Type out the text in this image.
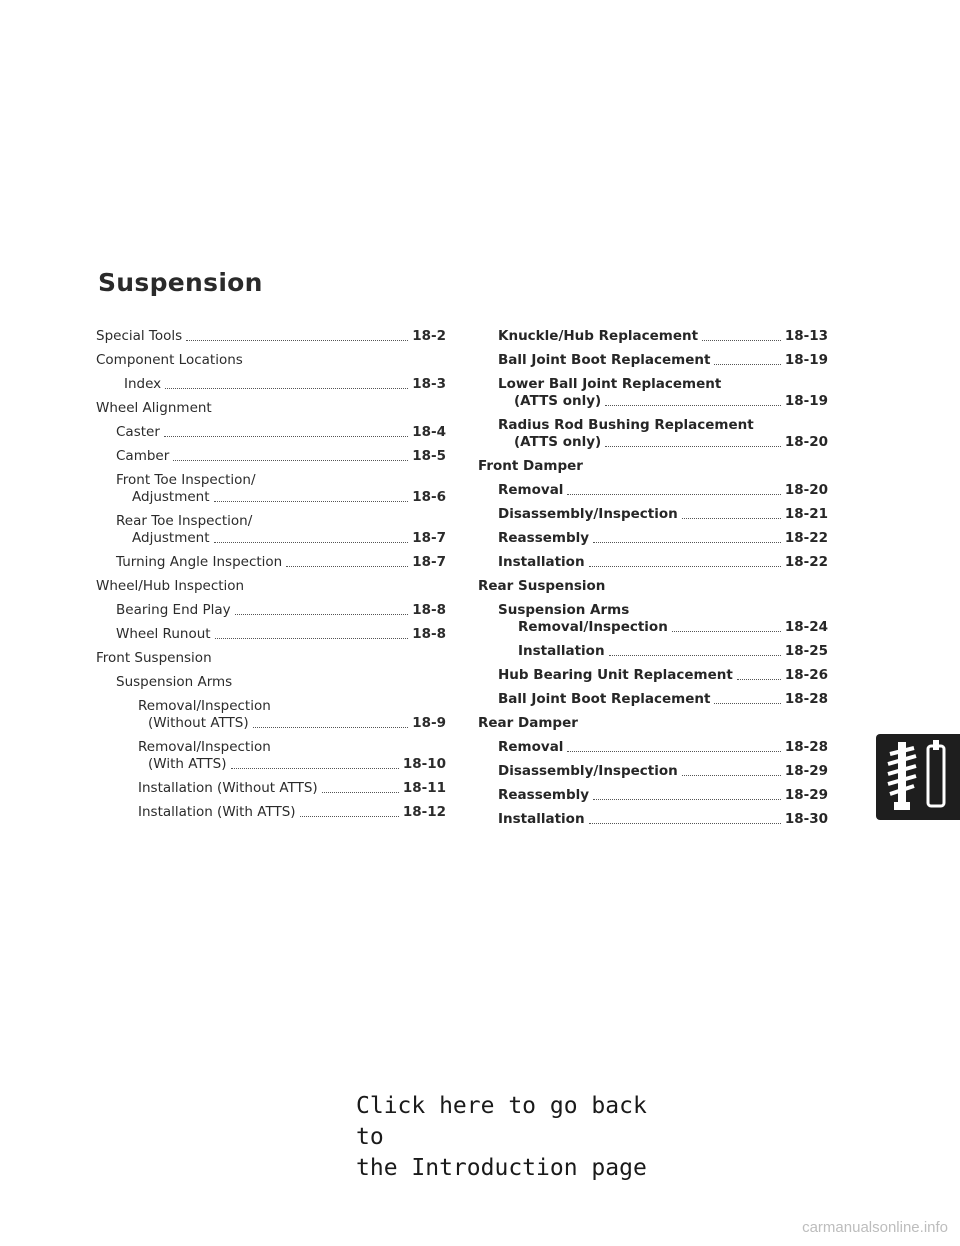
Suspension
Special Tools	18-2
Component Locations
Index	18-3
Wheel Alignment
Caster	18-4
Camber	18-5
Front Toe Inspection/
Adjustment	18-6
Rear Toe Inspection/
Adjustment	18-7
Turning Angle Inspection	18-7
Wheel/Hub Inspection
Bearing End Play	18-8
Wheel Runout	18-8
Front Suspension
Suspension Arms
Removal/Inspection
(Without ATTS)	18-9
Removal/Inspection
(With ATTS)	18-10
Installation (Without ATTS)	18-11
Installation (With ATTS)	18-12
Knuckle/Hub Replacement	18-13
Ball Joint Boot Replacement	18-19
Lower Ball Joint Replacement
(ATTS only)	18-19
Radius Rod Bushing Replacement
(ATTS only)	18-20
Front Damper
Removal	18-20
Disassembly/Inspection	18-21
Reassembly	18-22
Installation	18-22
Rear Suspension
Suspension Arms
Removal/Inspection	18-24
Installation	18-25
Hub Bearing Unit Replacement	18-26
Ball Joint Boot Replacement	18-28
Rear Damper
Removal	18-28
Disassembly/Inspection	18-29
Reassembly	18-29
Installation	18-30
Click here to go back to
the Introduction page
carmanualsonline.info
